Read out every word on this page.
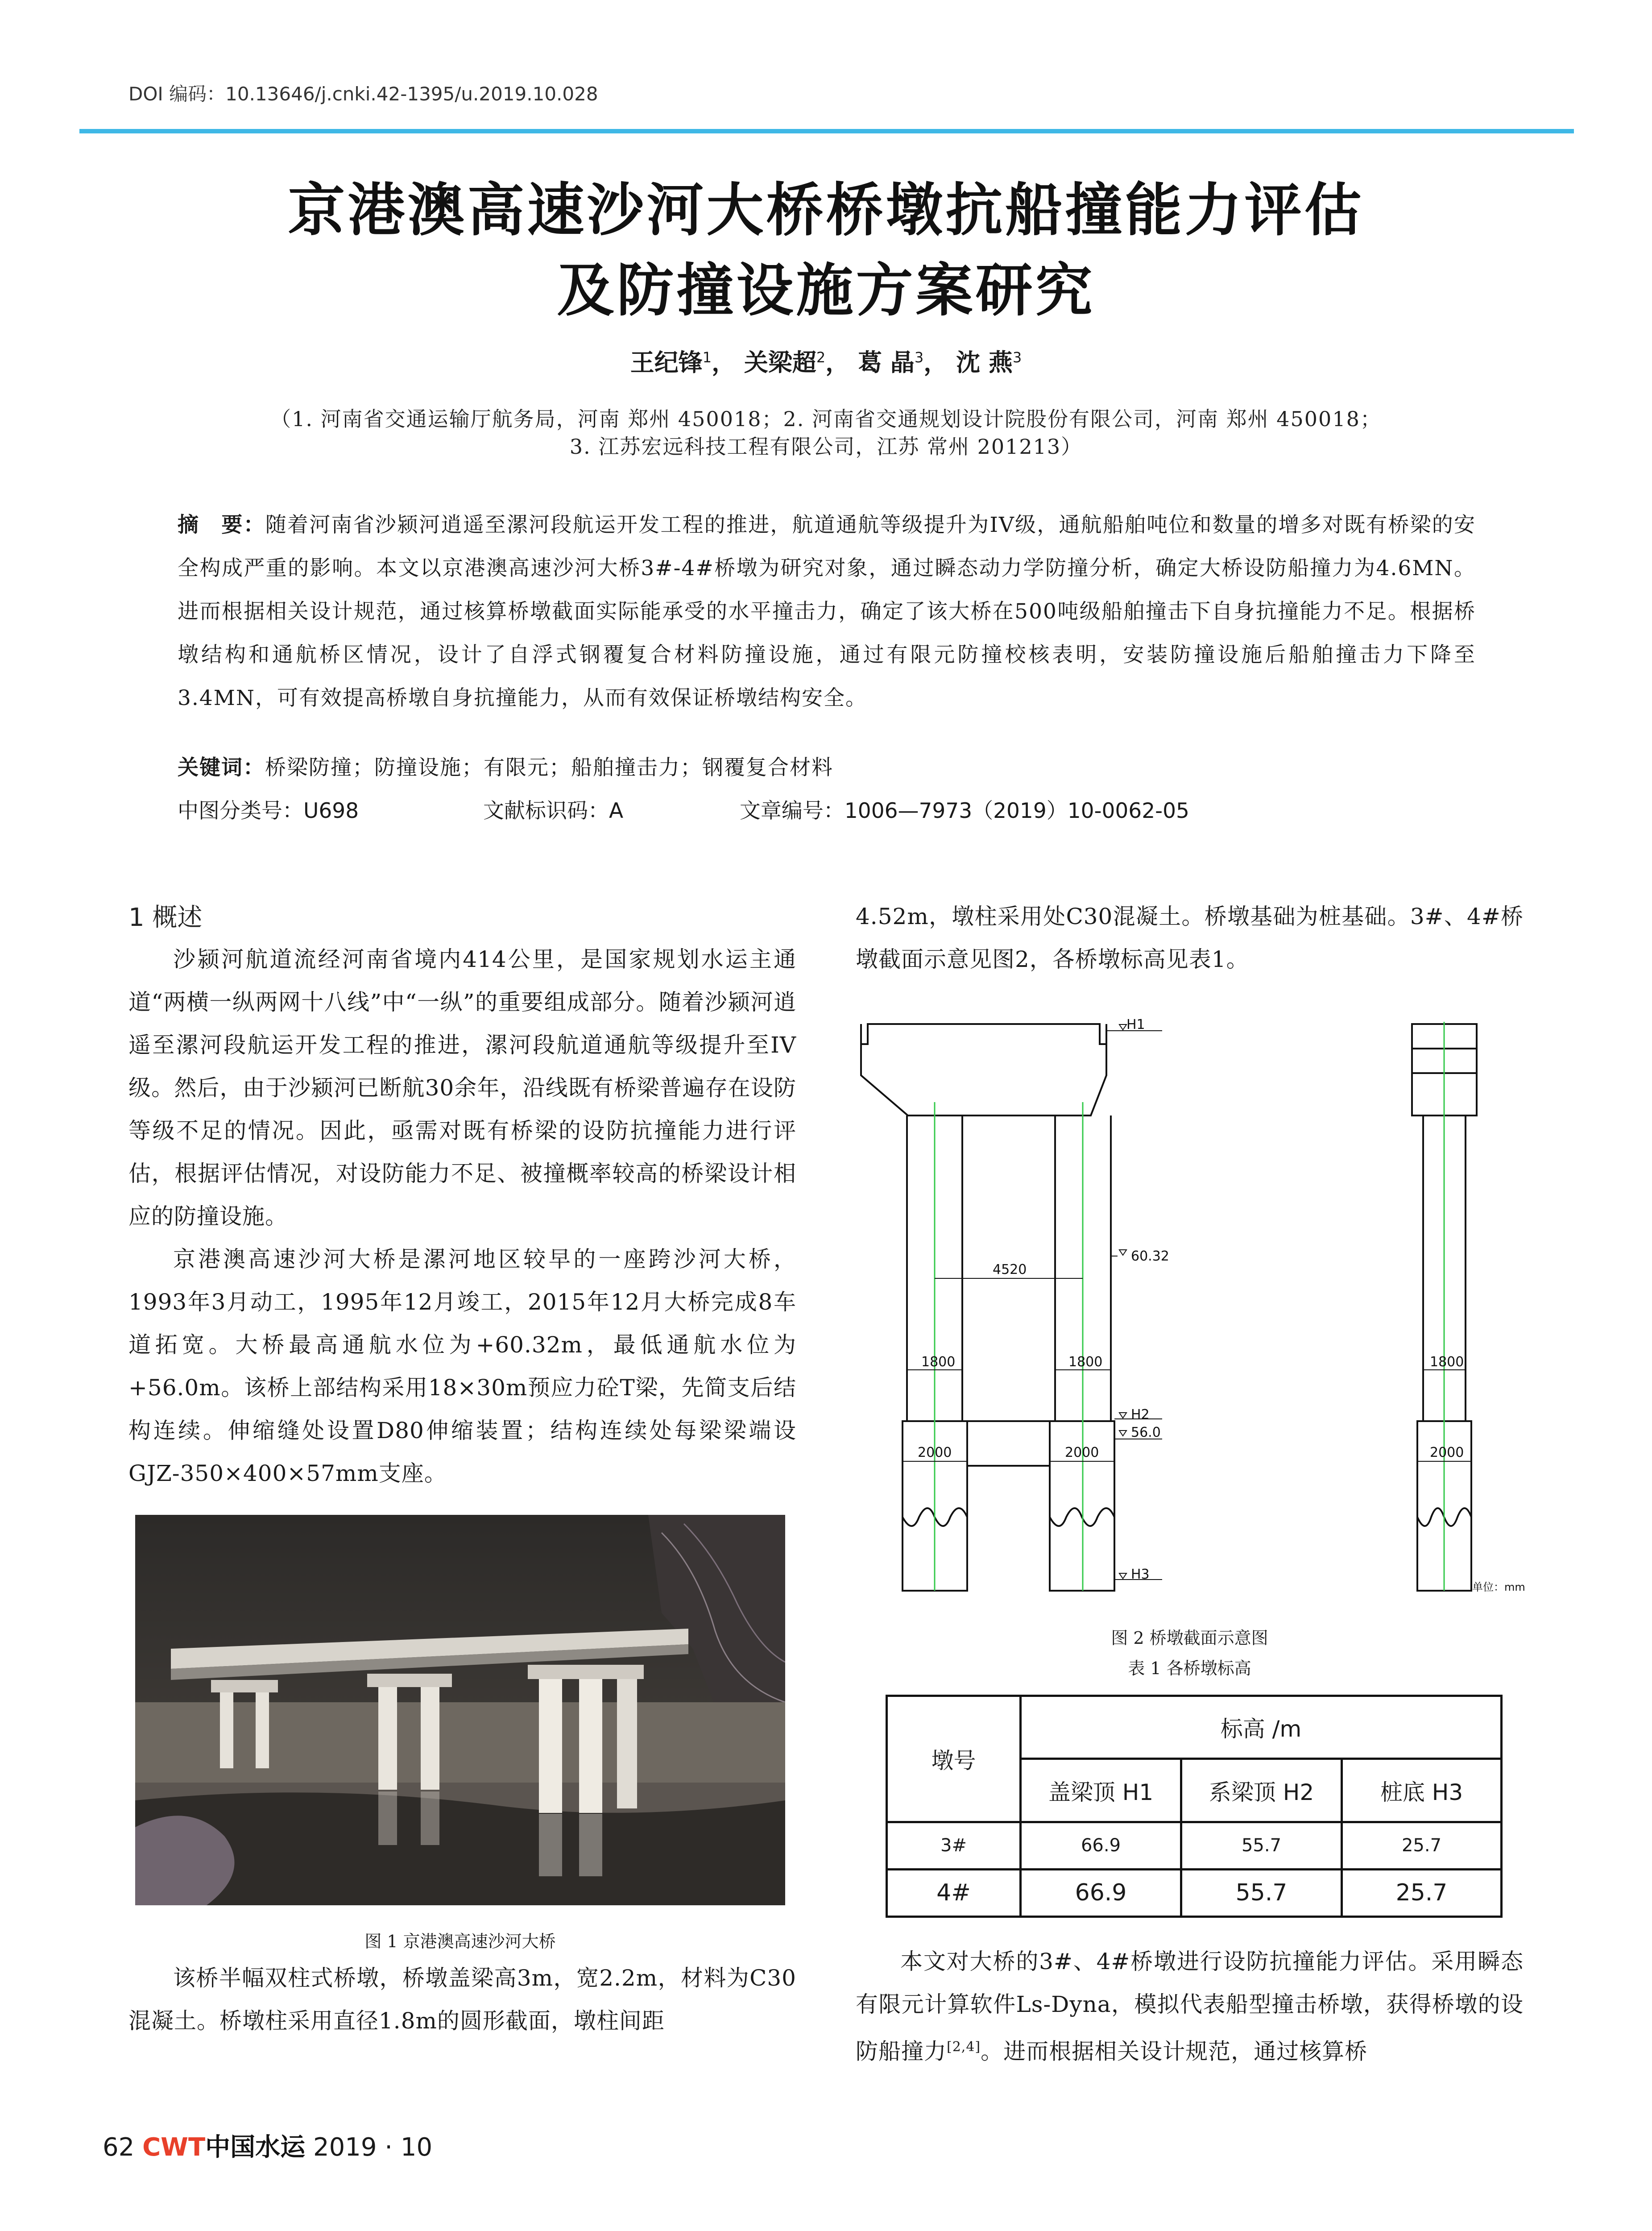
DOI 编码：10.13646/j.cnki.42-1395/u.2019.10.028
京港澳高速沙河大桥桥墩抗船撞能力评估
及防撞设施方案研究
王纪锋$^1$， 关梁超$^2$， 葛 晶$^3$， 沈 燕$^3$
（1. 河南省交通运输厅航务局，河南 郑州 450018；2. 河南省交通规划设计院股份有限公司，河南 郑州 450018；
3. 江苏宏远科技工程有限公司，江苏 常州 201213）
摘　要：随着河南省沙颍河逍遥至漯河段航运开发工程的推进，航道通航等级提升为IV级，通航船舶吨位和数量的增多对既有桥梁的安全构成严重的影响。本文以京港澳高速沙河大桥3#-4#桥墩为研究对象，通过瞬态动力学防撞分析，确定大桥设防船撞力为4.6MN。进而根据相关设计规范，通过核算桥墩截面实际能承受的水平撞击力，确定了该大桥在500吨级船舶撞击下自身抗撞能力不足。根据桥墩结构和通航桥区情况，设计了自浮式钢覆复合材料防撞设施，通过有限元防撞校核表明，安装防撞设施后船舶撞击力下降至3.4MN，可有效提高桥墩自身抗撞能力，从而有效保证桥墩结构安全。
关键词：桥梁防撞；防撞设施；有限元；船舶撞击力；钢覆复合材料
中图分类号：U698	文献标识码：A	文章编号：1006—7973（2019）10-0062-05
1 概述

沙颍河航道流经河南省境内414公里，是国家规划水运主通道“两横一纵两网十八线”中“一纵”的重要组成部分。随着沙颍河逍遥至漯河段航运开发工程的推进，漯河段航道通航等级提升至IV级。然后，由于沙颍河已断航30余年，沿线既有桥梁普遍存在设防等级不足的情况。因此，亟需对既有桥梁的设防抗撞能力进行评估，根据评估情况，对设防能力不足、被撞概率较高的桥梁设计相应的防撞设施。

京港澳高速沙河大桥是漯河地区较早的一座跨沙河大桥，1993年3月动工，1995年12月竣工，2015年12月大桥完成8车道拓宽。大桥最高通航水位为+60.32m，最低通航水位为+56.0m。该桥上部结构采用18×30m预应力砼T梁，先简支后结构连续。伸缩缝处设置D80伸缩装置；结构连续处每梁梁端设GJZ-350×400×57mm支座。

图 1 京港澳高速沙河大桥

该桥半幅双柱式桥墩，桥墩盖梁高3m，宽2.2m，材料为C30混凝土。桥墩柱采用直径1.8m的圆形截面，墩柱间距

4.52m，墩柱采用处C30混凝土。桥墩基础为桩基础。3#、4#桥墩截面示意见图2，各桥墩标高见表1。

H1
60.32
4520
1800	1800	1800
H2
56.0
2000	2000	2000
H3
单位：mm
图 2 桥墩截面示意图
表 1 各桥墩标高
墩号	标高 /m		
	盖梁顶 H1	系梁顶 H2	桩底 H3
3#	66.9	55.7	25.7
4#	66.9	55.7	25.7

本文对大桥的3#、4#桥墩进行设防抗撞能力评估。采用瞬态有限元计算软件Ls-Dyna，模拟代表船型撞击桥墩，获得桥墩的设防船撞力[2,4]。进而根据相关设计规范，通过核算桥

62 CWT中国水运 2019 · 10
